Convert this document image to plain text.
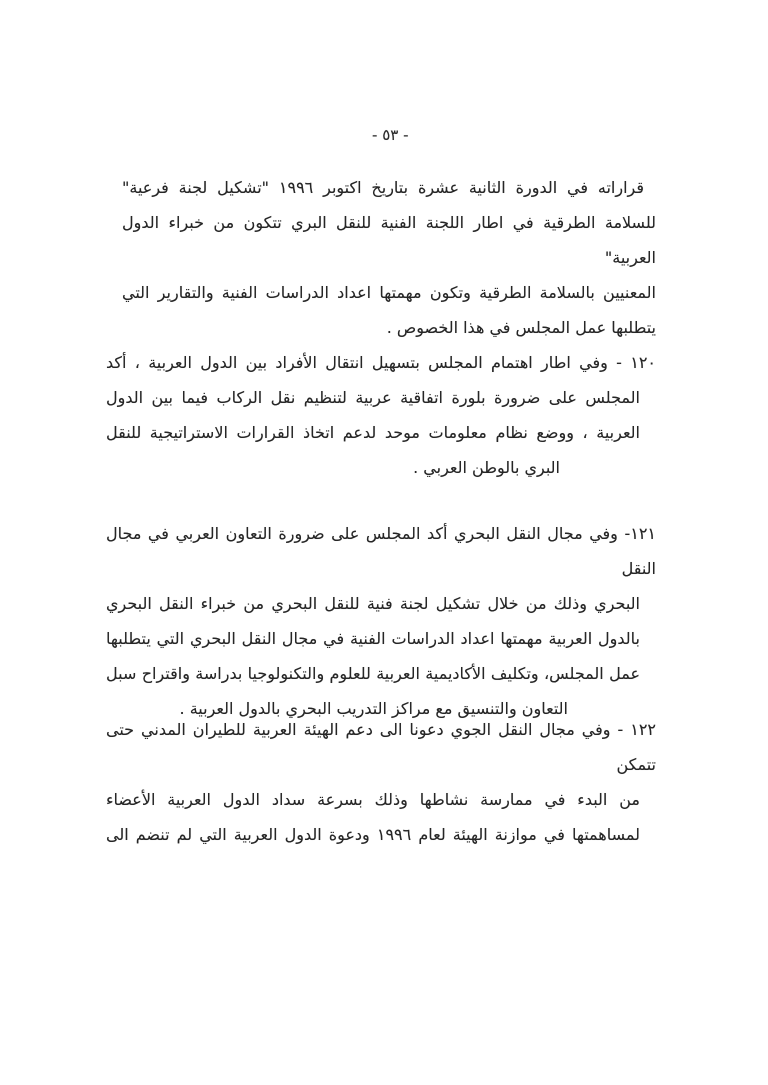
- ٥٣ -
قراراته في الدورة الثانية عشرة بتاريخ اكتوبر ١٩٩٦ "تشكيل لجنة فرعية"
للسلامة الطرقية في اطار اللجنة الفنية للنقل البري تتكون من خبراء الدول العربية"
المعنيين بالسلامة الطرقية وتكون مهمتها اعداد الدراسات الفنية والتقارير التي
يتطلبها عمل المجلس في هذا الخصوص .
١٢٠ - وفي اطار اهتمام المجلس بتسهيل انتقال الأفراد بين الدول العربية ، أكد
المجلس على ضرورة بلورة اتفاقية عربية لتنظيم نقل الركاب فيما بين الدول
العربية ، ووضع نظام معلومات موحد لدعم اتخاذ القرارات الاستراتيجية للنقل
البري بالوطن العربي .
١٢١- وفي مجال النقل البحري أكد المجلس على ضرورة التعاون العربي في مجال النقل
البحري وذلك من خلال تشكيل لجنة فنية للنقل البحري من خبراء النقل البحري
بالدول العربية مهمتها اعداد الدراسات الفنية في مجال النقل البحري التي يتطلبها
عمل المجلس، وتكليف الأكاديمية العربية للعلوم والتكنولوجيا بدراسة واقتراح سبل
التعاون والتنسيق مع مراكز التدريب البحري بالدول العربية .
١٢٢ - وفي مجال النقل الجوي دعونا الى دعم الهيئة العربية للطيران المدني حتى تتمكن
من البدء في ممارسة نشاطها وذلك بسرعة سداد الدول العربية الأعضاء
لمساهمتها في موازنة الهيئة لعام ١٩٩٦ ودعوة الدول العربية التي لم تنضم الى
